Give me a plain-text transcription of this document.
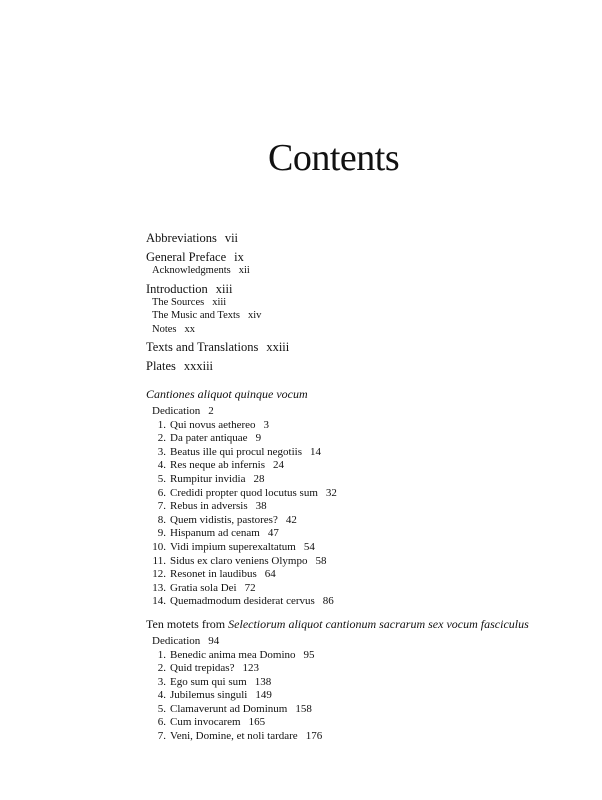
Contents
Abbreviations vii
General Preface ix
Acknowledgments xii
Introduction xiii
The Sources xiii
The Music and Texts xiv
Notes xx
Texts and Translations xxiii
Plates xxxiii
Cantiones aliquot quinque vocum
Dedication 2
1. Qui novus aethereo 3
2. Da pater antiquae 9
3. Beatus ille qui procul negotiis 14
4. Res neque ab infernis 24
5. Rumpitur invidia 28
6. Credidi propter quod locutus sum 32
7. Rebus in adversis 38
8. Quem vidistis, pastores? 42
9. Hispanum ad cenam 47
10. Vidi impium superexaltatum 54
11. Sidus ex claro veniens Olympo 58
12. Resonet in laudibus 64
13. Gratia sola Dei 72
14. Quemadmodum desiderat cervus 86
Ten motets from Selectiorum aliquot cantionum sacrarum sex vocum fasciculus
Dedication 94
1. Benedic anima mea Domino 95
2. Quid trepidas? 123
3. Ego sum qui sum 138
4. Jubilemus singuli 149
5. Clamaverunt ad Dominum 158
6. Cum invocarem 165
7. Veni, Domine, et noli tardare 176
